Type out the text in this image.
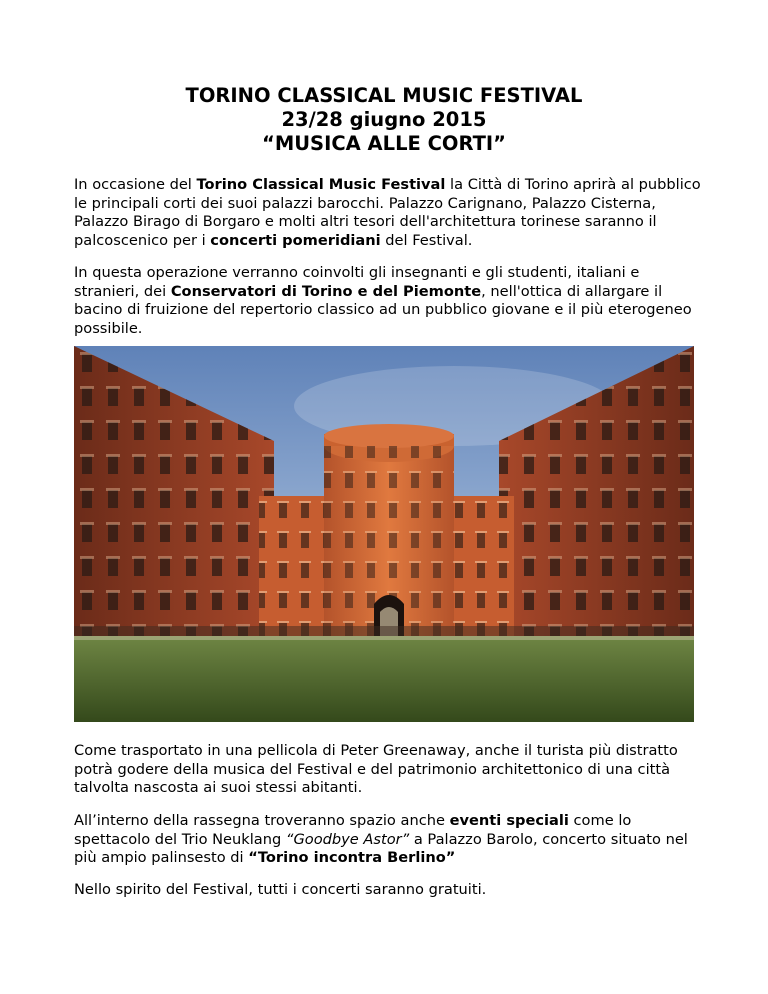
TORINO CLASSICAL MUSIC FESTIVAL
23/28 giugno 2015
“MUSICA ALLE CORTI”

In occasione del Torino Classical Music Festival la Città di Torino aprirà al pubblico le principali corti dei suoi palazzi barocchi. Palazzo Carignano, Palazzo Cisterna, Palazzo Birago di Borgaro e molti altri tesori dell'architettura torinese saranno il palcoscenico per i concerti pomeridiani del Festival.

In questa operazione verranno coinvolti gli insegnanti e gli studenti, italiani e stranieri, dei Conservatori di Torino e del Piemonte, nell'ottica di allargare il bacino di fruizione del repertorio classico ad un pubblico giovane e il più eterogeneo possibile.

Come trasportato in una pellicola di Peter Greenaway, anche il turista più distratto potrà godere della musica del Festival e del patrimonio architettonico di una città talvolta nascosta ai suoi stessi abitanti.

All’interno della rassegna troveranno spazio anche eventi speciali come lo spettacolo del Trio Neuklang “Goodbye Astor” a Palazzo Barolo, concerto situato nel più ampio palinsesto di “Torino incontra Berlino”

Nello spirito del Festival, tutti i concerti saranno gratuiti.
